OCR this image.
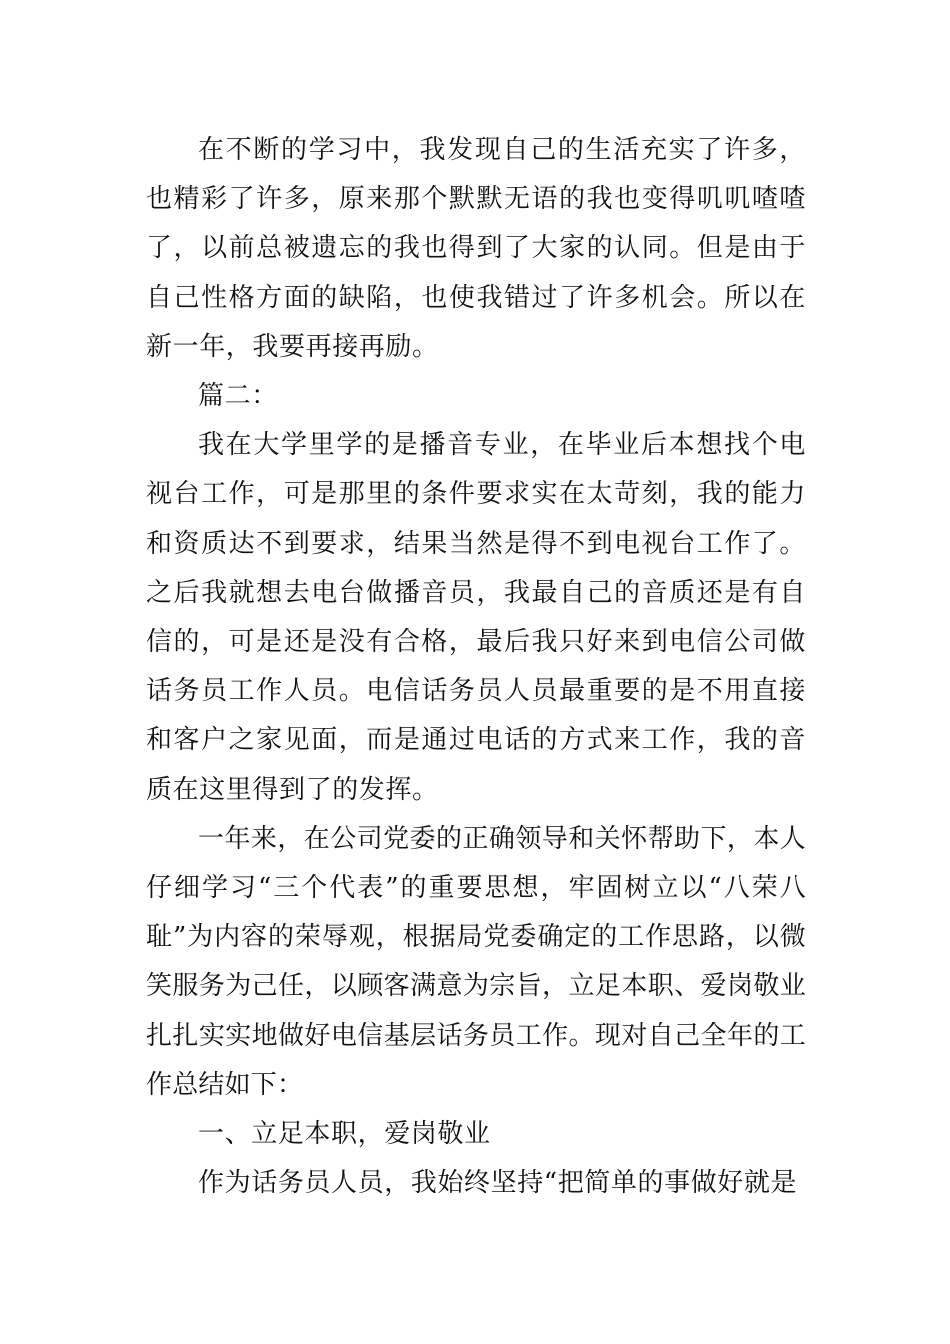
在不断的学习中，我发现自己的生活充实了许多，也精彩了许多，原来那个默默无语的我也变得叽叽喳喳了，以前总被遗忘的我也得到了大家的认同。但是由于自己性格方面的缺陷，也使我错过了许多机会。所以在新一年，我要再接再励。

篇二：

我在大学里学的是播音专业，在毕业后本想找个电视台工作，可是那里的条件要求实在太苛刻，我的能力和资质达不到要求，结果当然是得不到电视台工作了。之后我就想去电台做播音员，我最自己的音质还是有自信的，可是还是没有合格，最后我只好来到电信公司做话务员工作人员。电信话务员人员最重要的是不用直接和客户之家见面，而是通过电话的方式来工作，我的音质在这里得到了的发挥。

一年来，在公司党委的正确领导和关怀帮助下，本人仔细学习“三个代表”的重要思想，牢固树立以“八荣八耻”为内容的荣辱观，根据局党委确定的工作思路，以微笑服务为己任，以顾客满意为宗旨，立足本职、爱岗敬业扎扎实实地做好电信基层话务员工作。现对自己全年的工作总结如下：

一、立足本职，爱岗敬业

作为话务员人员，我始终坚持“把简单的事做好就是
